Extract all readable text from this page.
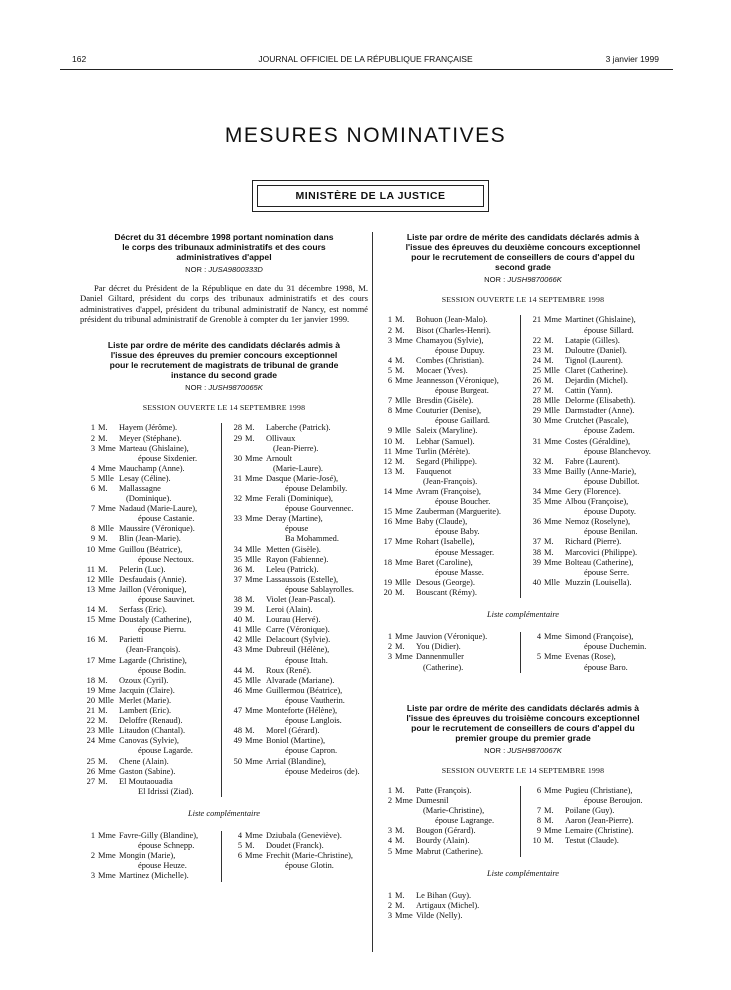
162	JOURNAL OFFICIEL DE LA RÉPUBLIQUE FRANÇAISE	3 janvier 1999
MESURES NOMINATIVES
MINISTÈRE DE LA JUSTICE

Décret du 31 décembre 1998 portant nomination dans
le corps des tribunaux administratifs et des cours
administratives d'appel

NOR : JUSA9800333D

Par décret du Président de la République en date du 31 décembre 1998, M. Daniel Giltard, président du corps des tribunaux administratifs et des cours administratives d'appel, président du tribunal administratif de Nancy, est nommé président du tribunal administratif de Grenoble à compter du 1er janvier 1999.

Liste par ordre de mérite des candidats déclarés admis à
l'issue des épreuves du premier concours exceptionnel
pour le recrutement de magistrats de tribunal de grande
instance du second grade

NOR : JUSH9870065K
SESSION OUVERTE LE 14 SEPTEMBRE 1998
1 M.	Hayem (Jérôme).
2 M.	Meyer (Stéphane).
3 Mme Marteau (Ghislaine),
épouse Sixdenier.
4 Mme Mauchamp (Anne).
5 Mlle Lesay (Céline).
6 M.	Mallassagne
(Dominique).
7 Mme Nadaud (Marie-Laure),
épouse Castanie.
8 Mlle Maussire (Véronique).
9 M.	Blin (Jean-Marie).
10 Mme Guillou (Béatrice),
épouse Nectoux.
11 M.	Pelerin (Luc).
12 Mlle Desfaudais (Annie).
13 Mme Jaillon (Véronique),
épouse Sauvinet.
14 M.	Serfass (Eric).
15 Mme Doustaly (Catherine),
épouse Pierru.
16 M.	Parietti
(Jean-François).
17 Mme Lagarde (Christine),
épouse Bodin.
18 M.	Ozoux (Cyril).
19 Mme Jacquin (Claire).
20 Mlle Merlet (Marie).
21 M.	Lambert (Eric).
22 M.	Deloffre (Renaud).
23 Mlle Litaudon (Chantal).
24 Mme Canovas (Sylvie),
épouse Lagarde.
25 M.	Chene (Alain).
26 Mme Gaston (Sabine).
27 M.	El Moutaouadia
El Idrissi (Ziad).
28 M.	Laberche (Patrick).
29 M.	Ollivaux
(Jean-Pierre).
30 Mme Arnoult
(Marie-Laure).
31 Mme Dasque (Marie-José),
épouse Delambily.
32 Mme Ferali (Dominique),
épouse Gourvennec.
33 Mme Deray (Martine),
épouse
Ba Mohammed.
34 Mlle Metten (Gisèle).
35 Mlle Rayon (Fabienne).
36 M.	Leleu (Patrick).
37 Mme Lassaussois (Estelle),
épouse Sablayrolles.
38 M.	Violet (Jean-Pascal).
39 M.	Leroi (Alain).
40 M.	Lourau (Hervé).
41 Mlle Carre (Véronique).
42 Mlle Delacourt (Sylvie).
43 Mme Dubreuil (Hélène),
épouse Ittah.
44 M.	Roux (René).
45 Mlle Alvarade (Mariane).
46 Mme Guillermou (Béatrice),
épouse Vautherin.
47 Mme Monteforte (Hélène),
épouse Langlois.
48 M.	Morel (Gérard).
49 Mme Boniol (Martine),
épouse Capron.
50 Mme Arrial (Blandine),
épouse Medeiros (de).
Liste complémentaire
1 Mme Favre-Gilly (Blandine),
épouse Schnepp.
2 Mme Mongin (Marie),
épouse Heuze.
3 Mme Martinez (Michelle).
4 Mme Dziubala (Geneviève).
5 M.	Doudet (Franck).
6 Mme Frechit (Marie-Christine),
épouse Glotin.

Liste par ordre de mérite des candidats déclarés admis à
l'issue des épreuves du deuxième concours exceptionnel
pour le recrutement de conseillers de cours d'appel du
second grade

NOR : JUSH9870066K
SESSION OUVERTE LE 14 SEPTEMBRE 1998
1 M.	Bohuon (Jean-Malo).
2 M.	Bisot (Charles-Henri).
3 Mme Chamayou (Sylvie),
épouse Dupuy.
4 M.	Combes (Christian).
5 M.	Mocaer (Yves).
6 Mme Jeannesson (Véronique),
épouse Burgeat.
7 Mlle Bresdin (Gisèle).
8 Mme Couturier (Denise),
épouse Gaillard.
9 Mlle Saleix (Maryline).
10 M.	Lebhar (Samuel).
11 Mme Turlin (Mérète).
12 M.	Segard (Philippe).
13 M.	Fauquenot
(Jean-François).
14 Mme Avram (Françoise),
épouse Boucher.
15 Mme Zauberman (Marguerite).
16 Mme Baby (Claude),
épouse Baby.
17 Mme Rohart (Isabelle),
épouse Messager.
18 Mme Baret (Caroline),
épouse Masse.
19 Mlle Desous (George).
20 M.	Bouscant (Rémy).
21 Mme Martinet (Ghislaine),
épouse Sillard.
22 M.	Latapie (Gilles).
23 M.	Duloutre (Daniel).
24 M.	Tignol (Laurent).
25 Mlle Claret (Catherine).
26 M.	Dejardin (Michel).
27 M.	Cattin (Yann).
28 Mlle Delorme (Elisabeth).
29 Mlle Darmstadter (Anne).
30 Mme Crutchet (Pascale),
épouse Zadem.
31 Mme Costes (Géraldine),
épouse Blanchevoy.
32 M.	Fabre (Laurent).
33 Mme Bailly (Anne-Marie),
épouse Dubillot.
34 Mme Gery (Florence).
35 Mme Albou (Françoise),
épouse Dupoty.
36 Mme Nemoz (Roselyne),
épouse Benilan.
37 M.	Richard (Pierre).
38 M.	Marcovici (Philippe).
39 Mme Bolteau (Catherine),
épouse Serre.
40 Mlle Muzzin (Louisella).
Liste complémentaire
1 Mme Jauvion (Véronique).
2 M.	You (Didier).
3 Mme Dannenmuller
(Catherine).
4 Mme Simond (Françoise),
épouse Duchemin.
5 Mme Evenas (Rose),
épouse Baro.

Liste par ordre de mérite des candidats déclarés admis à
l'issue des épreuves du troisième concours exceptionnel
pour le recrutement de conseillers de cours d'appel du
premier groupe du premier grade

NOR : JUSH9870067K
SESSION OUVERTE LE 14 SEPTEMBRE 1998
1 M.	Patte (François).
2 Mme Dumesnil
(Marie-Christine),
épouse Lagrange.
3 M.	Bougon (Gérard).
4 M.	Bourdy (Alain).
5 Mme Mabrut (Catherine).
6 Mme Pugieu (Christiane),
épouse Beroujon.
7 M.	Poilane (Guy).
8 M.	Aaron (Jean-Pierre).
9 Mme Lemaire (Christine).
10 M.	Testut (Claude).
Liste complémentaire
1 M.	Le Bihan (Guy).
2 M.	Artigaux (Michel).
3 Mme Vilde (Nelly).
